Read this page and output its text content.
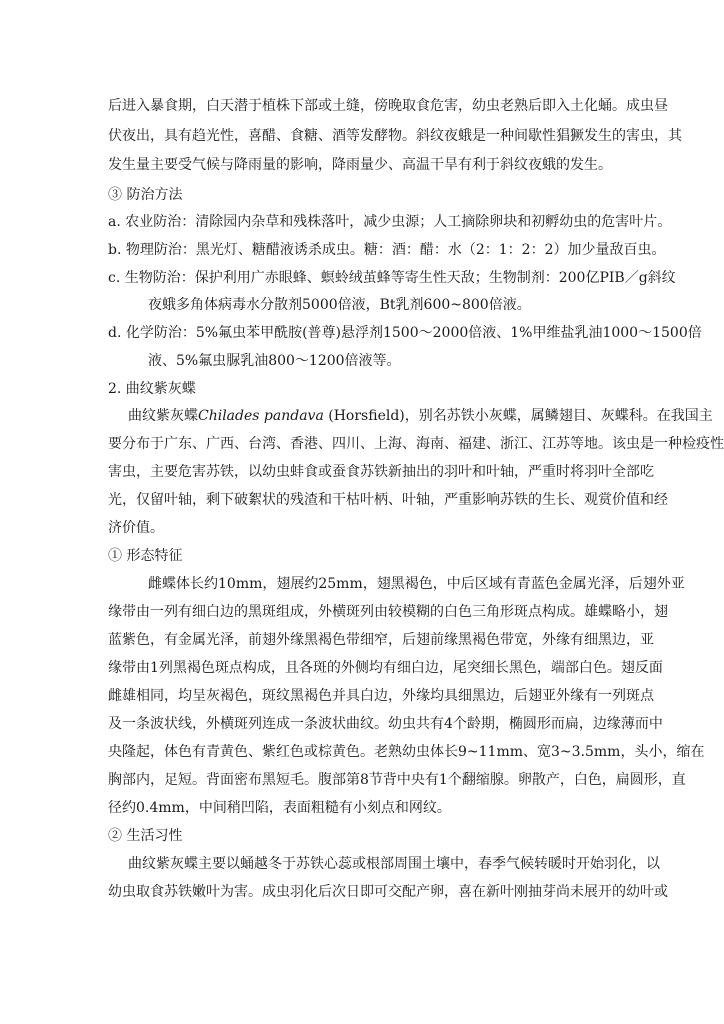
后进入暴食期，白天潜于植株下部或土缝，傍晚取食危害，幼虫老熟后即入土化蛹。成虫昼
伏夜出，具有趋光性，喜醋、食糖、酒等发酵物。斜纹夜蛾是一种间歇性猖獗发生的害虫，其
发生量主要受气候与降雨量的影响，降雨量少、高温干旱有利于斜纹夜蛾的发生。
③ 防治方法
a. 农业防治：清除园内杂草和残株落叶，减少虫源；人工摘除卵块和初孵幼虫的危害叶片。
b. 物理防治：黑光灯、糖醋液诱杀成虫。糖：酒：醋：水（2：1：2：2）加少量敌百虫。
c. 生物防治：保护利用广赤眼蜂、螟蛉绒茧蜂等寄生性天敌；生物制剂：200亿PIB／g斜纹
夜蛾多角体病毒水分散剂5000倍液，Bt乳剂600~800倍液。
d. 化学防治：5%氟虫苯甲酰胺(普尊)悬浮剂1500～2000倍液、1%甲维盐乳油1000～1500倍
液、5%氟虫脲乳油800～1200倍液等。
2. 曲纹紫灰蝶
曲纹紫灰蝶Chilades pandava (Horsfield)，别名苏铁小灰蝶，属鳞翅目、灰蝶科。在我国主
要分布于广东、广西、台湾、香港、四川、上海、海南、福建、浙江、江苏等地。该虫是一种检疫性
害虫，主要危害苏铁，以幼虫蚌食或蚕食苏铁新抽出的羽叶和叶轴，严重时将羽叶全部吃
光，仅留叶轴，剩下破絮状的残渣和干枯叶柄、叶轴，严重影响苏铁的生长、观赏价值和经
济价值。
① 形态特征
雌蝶体长约10mm，翅展约25mm，翅黑褐色，中后区域有青蓝色金属光泽，后翅外亚
缘带由一列有细白边的黑斑组成，外横斑列由较模糊的白色三角形斑点构成。雄蝶略小，翅
蓝紫色，有金属光泽，前翅外缘黑褐色带细窄，后翅前缘黑褐色带宽，外缘有细黑边，亚
缘带由1列黑褐色斑点构成，且各斑的外侧均有细白边，尾突细长黑色，端部白色。翅反面
雌雄相同，均呈灰褐色，斑纹黑褐色并具白边，外缘均具细黑边，后翅亚外缘有一列斑点
及一条波状线，外横斑列连成一条波状曲纹。幼虫共有4个龄期，椭圆形而扁，边缘薄而中
央隆起，体色有青黄色、紫红色或棕黄色。老熟幼虫体长9~11mm、宽3~3.5mm，头小，缩在
胸部内，足短。背面密布黑短毛。腹部第8节背中央有1个翻缩腺。卵散产，白色，扁圆形，直
径约0.4mm，中间稍凹陷，表面粗糙有小刻点和网纹。
② 生活习性
曲纹紫灰蝶主要以蛹越冬于苏铁心蕊或根部周围土壤中，春季气候转暖时开始羽化，以
幼虫取食苏铁嫩叶为害。成虫羽化后次日即可交配产卵，喜在新叶刚抽芽尚未展开的幼叶或
